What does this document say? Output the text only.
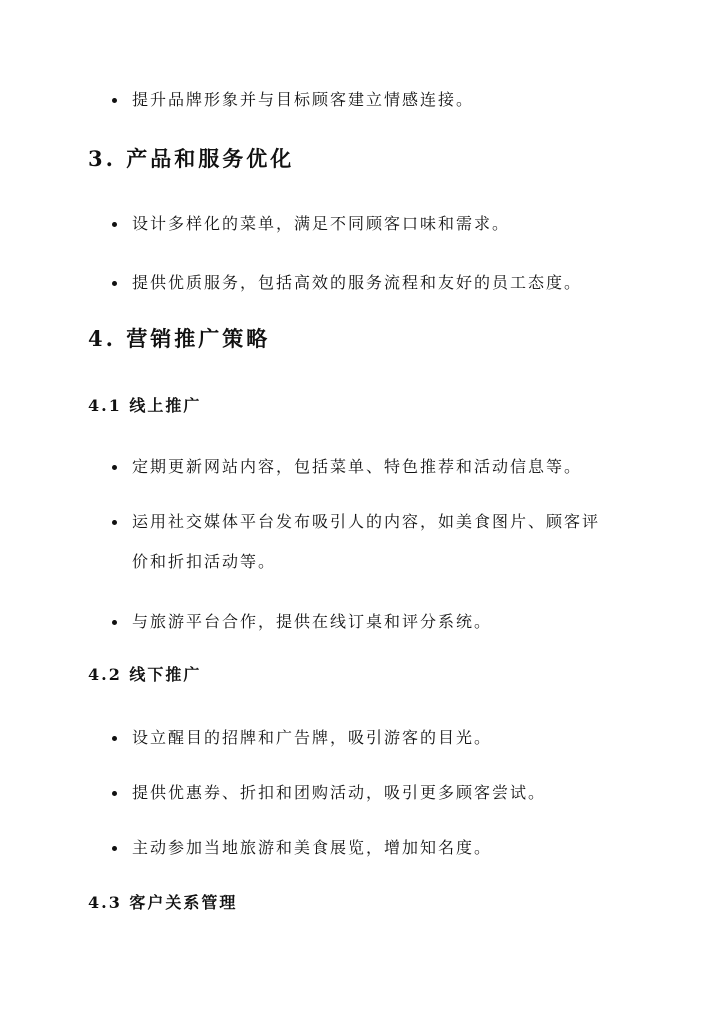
提升品牌形象并与目标顾客建立情感连接。
3. 产品和服务优化
设计多样化的菜单，满足不同顾客口味和需求。
提供优质服务，包括高效的服务流程和友好的员工态度。
4. 营销推广策略
4.1 线上推广
定期更新网站内容，包括菜单、特色推荐和活动信息等。
运用社交媒体平台发布吸引人的内容，如美食图片、顾客评
价和折扣活动等。
与旅游平台合作，提供在线订桌和评分系统。
4.2 线下推广
设立醒目的招牌和广告牌，吸引游客的目光。
提供优惠券、折扣和团购活动，吸引更多顾客尝试。
主动参加当地旅游和美食展览，增加知名度。
4.3 客户关系管理
